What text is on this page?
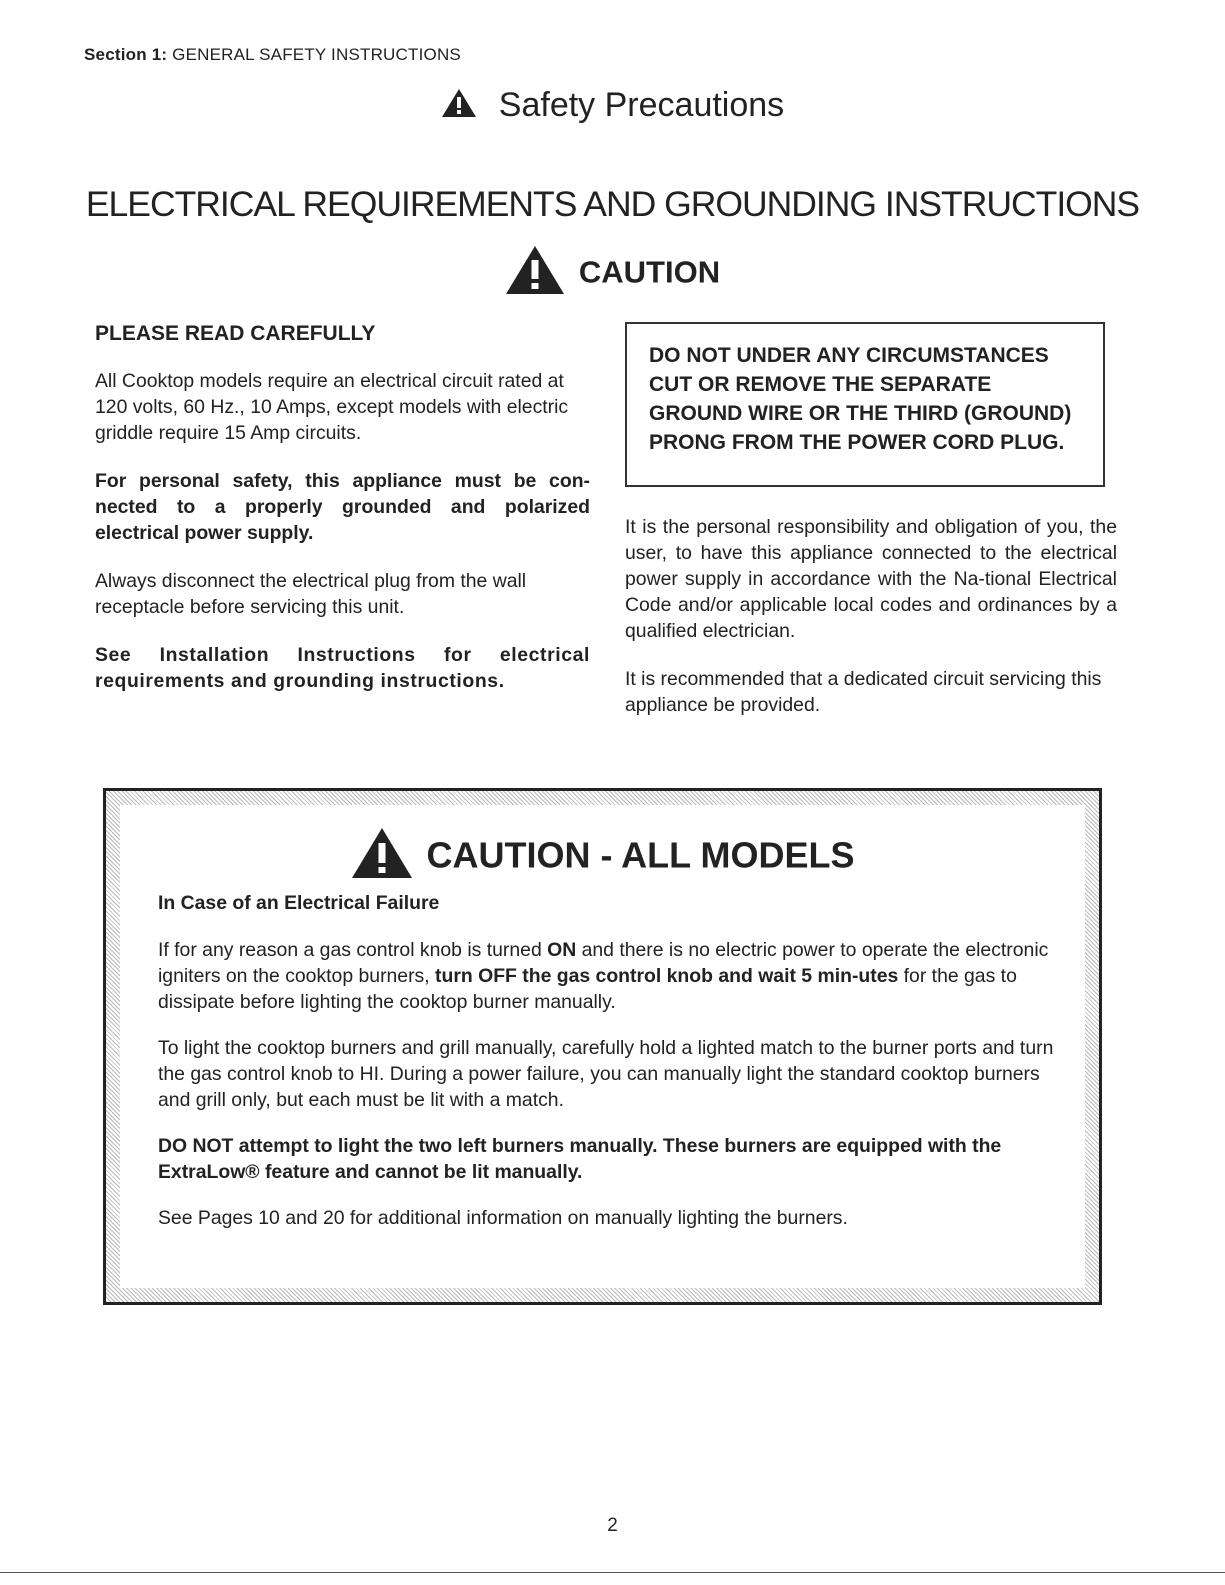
Section 1: GENERAL SAFETY INSTRUCTIONS
Safety Precautions
ELECTRICAL REQUIREMENTS AND GROUNDING INSTRUCTIONS
CAUTION
PLEASE READ CAREFULLY

All Cooktop models require an electrical circuit rated at 120 volts, 60 Hz., 10 Amps, except models with electric griddle require 15 Amp circuits.

For personal safety, this appliance must be con-nected to a properly grounded and polarized electrical power supply.

Always disconnect the electrical plug from the wall receptacle before servicing this unit.

See Installation Instructions for electrical requirements and grounding instructions.

DO NOT UNDER ANY CIRCUMSTANCES CUT OR REMOVE THE SEPARATE GROUND WIRE OR THE THIRD (GROUND) PRONG FROM THE POWER CORD PLUG.

It is the personal responsibility and obligation of you, the user, to have this appliance connected to the electrical power supply in accordance with the Na-tional Electrical Code and/or applicable local codes and ordinances by a qualified electrician.

It is recommended that a dedicated circuit servicing this appliance be provided.

CAUTION - ALL MODELS
In Case of an Electrical Failure

If for any reason a gas control knob is turned ON and there is no electric power to operate the electronic igniters on the cooktop burners, turn OFF the gas control knob and wait 5 min-utes for the gas to dissipate before lighting the cooktop burner manually.

To light the cooktop burners and grill manually, carefully hold a lighted match to the burner ports and turn the gas control knob to HI. During a power failure, you can manually light the standard cooktop burners and grill only, but each must be lit with a match.

DO NOT attempt to light the two left burners manually. These burners are equipped with the ExtraLow® feature and cannot be lit manually.

See Pages 10 and 20 for additional information on manually lighting the burners.

2
